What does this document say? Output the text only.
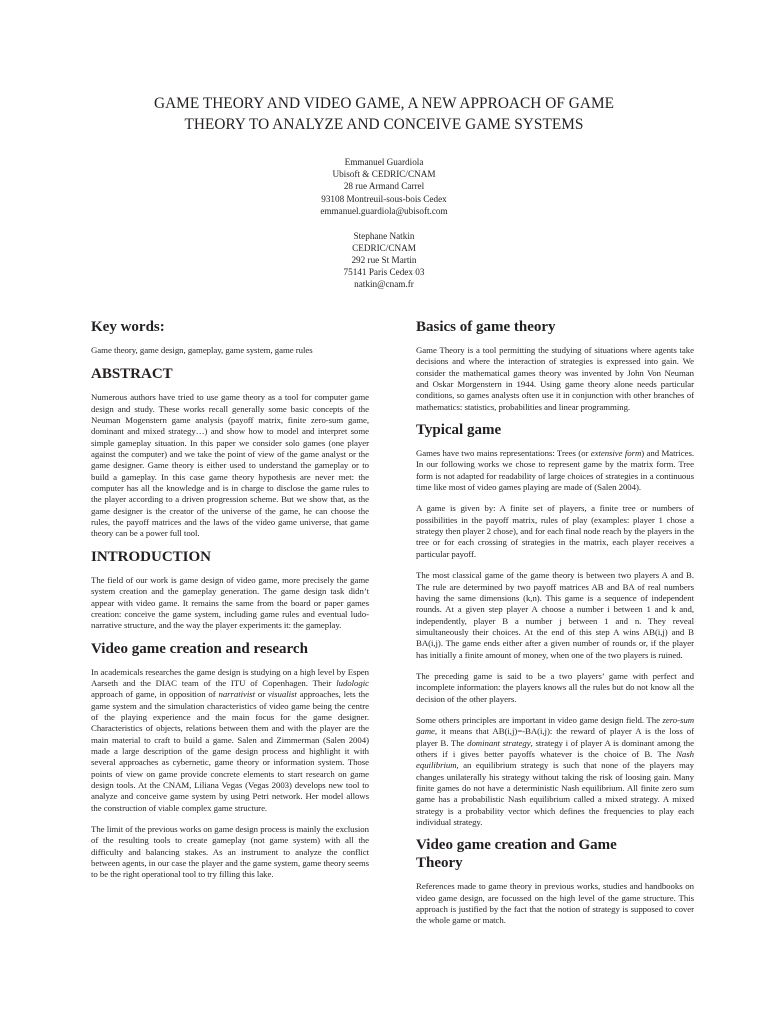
GAME THEORY AND VIDEO GAME, A NEW APPROACH OF GAME
THEORY TO ANALYZE AND CONCEIVE GAME SYSTEMS
Emmanuel Guardiola
Ubisoft & CEDRIC/CNAM
28 rue Armand Carrel
93108 Montreuil-sous-bois Cedex
emmanuel.guardiola@ubisoft.com
Stephane Natkin
CEDRIC/CNAM
292 rue St Martin
75141 Paris Cedex 03
natkin@cnam.fr
Key words:

Game theory, game design, gameplay, game system, game rules

ABSTRACT

Numerous authors have tried to use game theory as a tool for computer game design and study. These works recall generally some basic concepts of the Neuman Mogenstern game analysis (payoff matrix, finite zero-sum game, dominant and mixed strategy…) and show how to model and interpret some simple gameplay situation. In this paper we consider solo games (one player against the computer) and we take the point of view of the game analyst or the game designer. Game theory is either used to understand the gameplay or to build a gameplay. In this case game theory hypothesis are never met: the computer has all the knowledge and is in charge to disclose the game rules to the player according to a driven progression scheme. But we show that, as the game designer is the creator of the universe of the game, he can choose the rules, the payoff matrices and the laws of the video game universe, that game theory can be a power full tool.

INTRODUCTION

The field of our work is game design of video game, more precisely the game system creation and the gameplay generation. The game design task didn’t appear with video game. It remains the same from the board or paper games creation: conceive the game system, including game rules and eventual ludo-narrative structure, and the way the player experiments it: the gameplay.

Video game creation and research

In academicals researches the game design is studying on a high level by Espen Aarseth and the DIAC team of the ITU of Copenhagen. Their ludologic approach of game, in opposition of narrativist or visualist approaches, lets the game system and the simulation characteristics of video game being the centre of the playing experience and the main focus for the game designer. Characteristics of objects, relations between them and with the player are the main material to craft to build a game. Salen and Zimmerman (Salen 2004) made a large description of the game design process and highlight it with several approaches as cybernetic, game theory or information system. Those points of view on game provide concrete elements to start research on game design tools. At the CNAM, Liliana Vegas (Vegas 2003) develops new tool to analyze and conceive game system by using Petri network. Her model allows the construction of viable complex game structure.

The limit of the previous works on game design process is mainly the exclusion of the resulting tools to create gameplay (not game system) with all the difficulty and balancing stakes. As an instrument to analyze the conflict between agents, in our case the player and the game system, game theory seems to be the right operational tool to try filling this lake.

Basics of game theory

Game Theory is a tool permitting the studying of situations where agents take decisions and where the interaction of strategies is expressed into gain. We consider the mathematical games theory was invented by John Von Neuman and Oskar Morgenstern in 1944. Using game theory alone needs particular conditions, so games analysts often use it in conjunction with other branches of mathematics: statistics, probabilities and linear programming.

Typical game

Games have two mains representations: Trees (or extensive form) and Matrices. In our following works we chose to represent game by the matrix form. Tree form is not adapted for readability of large choices of strategies in a continuous time like most of video games playing are made of (Salen 2004).

A game is given by: A finite set of players, a finite tree or numbers of possibilities in the payoff matrix, rules of play (examples: player 1 chose a strategy then player 2 chose), and for each final node reach by the players in the tree or for each crossing of strategies in the matrix, each player receives a particular payoff.

The most classical game of the game theory is between two players A and B. The rule are determined by two payoff matrices AB and BA of real numbers having the same dimensions (k,n). This game is a sequence of independent rounds. At a given step player A choose a number i between 1 and k and, independently, player B a number j between 1 and n. They reveal simultaneously their choices. At the end of this step A wins AB(i,j) and B BA(i,j). The game ends either after a given number of rounds or, if the player has initially a finite amount of money, when one of the two players is ruined.

The preceding game is said to be a two players’ game with perfect and incomplete information: the players knows all the rules but do not know all the decision of the other players.

Some others principles are important in video game design field. The zero-sum game, it means that AB(i,j)=-BA(i,j): the reward of player A is the loss of player B. The dominant strategy, strategy i of player A is dominant among the others if i gives better payoffs whatever is the choice of B. The Nash equilibrium, an equilibrium strategy is such that none of the players may changes unilaterally his strategy without taking the risk of loosing gain. Many finite games do not have a deterministic Nash equilibrium. All finite zero sum game has a probabilistic Nash equilibrium called a mixed strategy. A mixed strategy is a probability vector which defines the frequencies to play each individual strategy.

Video game creation and Game
Theory

References made to game theory in previous works, studies and handbooks on video game design, are focussed on the high level of the game structure. This approach is justified by the fact that the notion of strategy is supposed to cover the whole game or match.
